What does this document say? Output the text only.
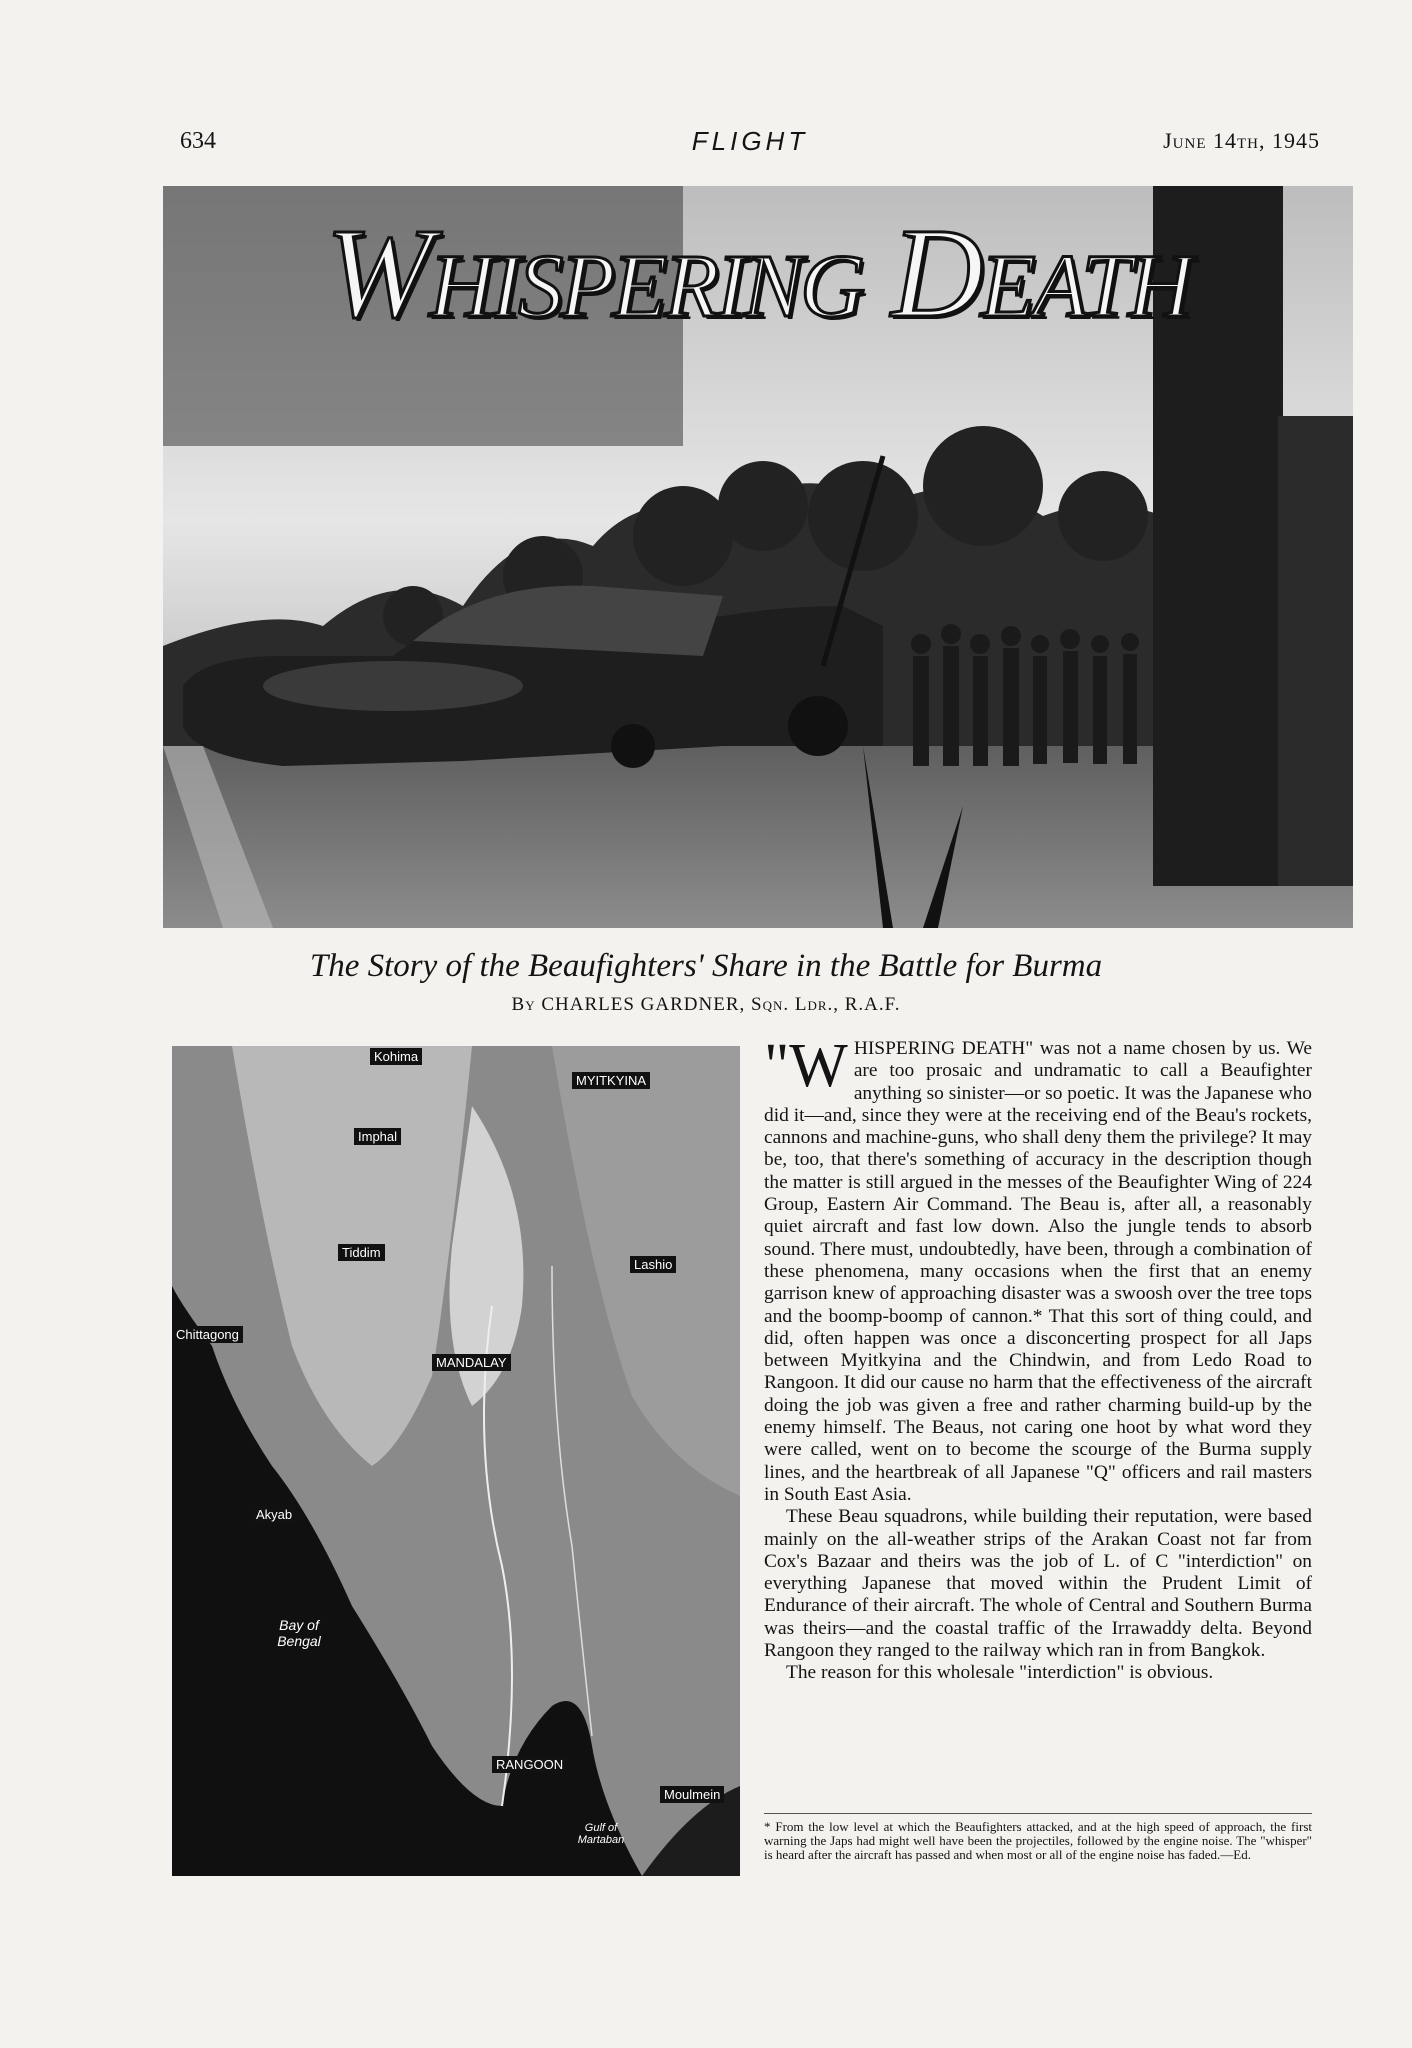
634	FLIGHT	June 14th, 1945
Whispering Death
The Story of the Beaufighters' Share in the Battle for Burma
By CHARLES GARDNER, Sqn. Ldr., R.A.F.
Kohima
MYITKYINA
Imphal
Tiddim
Lashio
Chittagong
MANDALAY
Akyab
Bay of Bengal
RANGOON
Moulmein
Gulf of Martaban

"WHISPERING DEATH" was not a name chosen by us. We are too prosaic and undramatic to call a Beaufighter anything so sinister—or so poetic. It was the Japanese who did it—and, since they were at the receiving end of the Beau's rockets, cannons and machine-guns, who shall deny them the privilege? It may be, too, that there's something of accuracy in the description though the matter is still argued in the messes of the Beaufighter Wing of 224 Group, Eastern Air Command. The Beau is, after all, a reasonably quiet aircraft and fast low down. Also the jungle tends to absorb sound. There must, undoubtedly, have been, through a combination of these phenomena, many occasions when the first that an enemy garrison knew of approaching disaster was a swoosh over the tree tops and the boomp-boomp of cannon.* That this sort of thing could, and did, often happen was once a disconcerting prospect for all Japs between Myitkyina and the Chindwin, and from Ledo Road to Rangoon. It did our cause no harm that the effectiveness of the aircraft doing the job was given a free and rather charming build-up by the enemy himself. The Beaus, not caring one hoot by what word they were called, went on to become the scourge of the Burma supply lines, and the heartbreak of all Japanese "Q" officers and rail masters in South East Asia.

These Beau squadrons, while building their reputation, were based mainly on the all-weather strips of the Arakan Coast not far from Cox's Bazaar and theirs was the job of L. of C "interdiction" on everything Japanese that moved within the Prudent Limit of Endurance of their aircraft. The whole of Central and Southern Burma was theirs—and the coastal traffic of the Irrawaddy delta. Beyond Rangoon they ranged to the railway which ran in from Bangkok.

The reason for this wholesale "interdiction" is obvious.

* From the low level at which the Beaufighters attacked, and at the high speed of approach, the first warning the Japs had might well have been the projectiles, followed by the engine noise. The "whisper" is heard after the aircraft has passed and when most or all of the engine noise has faded.—Ed.
